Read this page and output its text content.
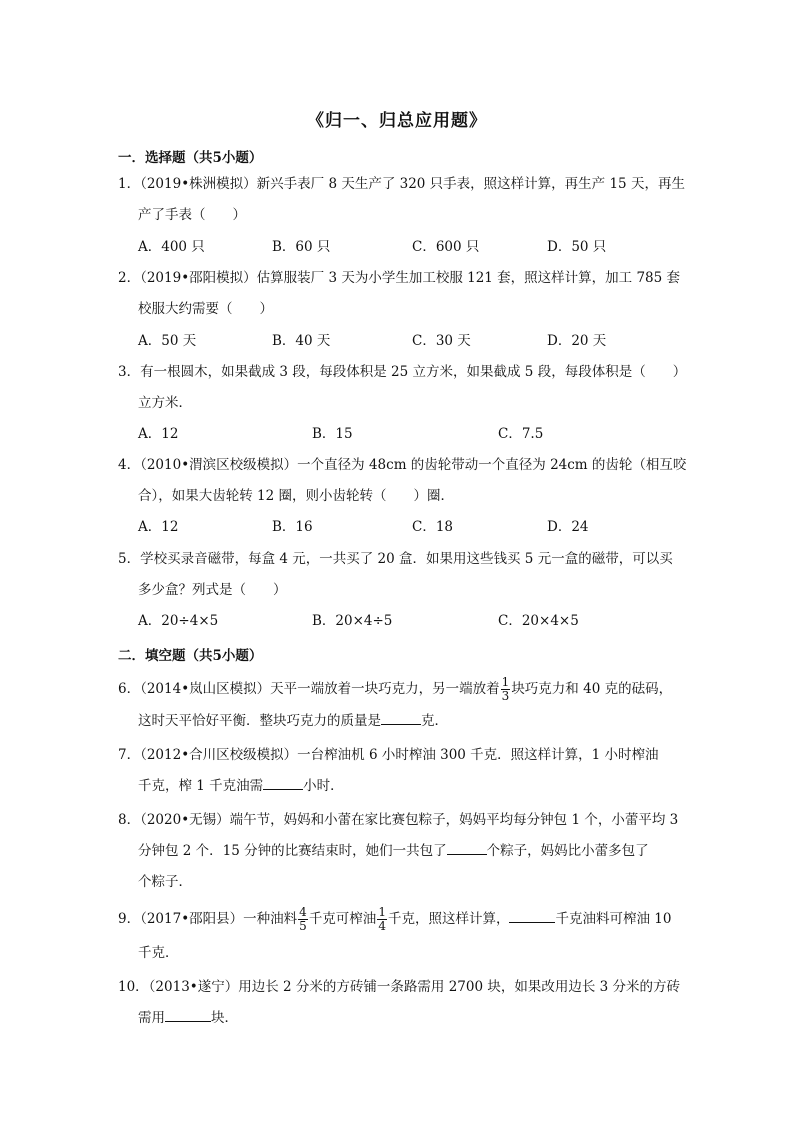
《归一、归总应用题》
一．选择题（共5小题）
1．（2019•株洲模拟）新兴手表厂 8 天生产了 320 只手表，照这样计算，再生产 15 天，再生
产了手表（　　）
A．400 只	B．60 只	C．600 只	D．50 只
2．（2019•邵阳模拟）估算服装厂 3 天为小学生加工校服 121 套，照这样计算，加工 785 套
校服大约需要（　　）
A．50 天	B．40 天	C．30 天	D．20 天
3．有一根圆木，如果截成 3 段，每段体积是 25 立方米，如果截成 5 段，每段体积是（　　）
立方米．
A．12	B．15	C．7.5
4．（2010•渭滨区校级模拟）一个直径为 48cm 的齿轮带动一个直径为 24cm 的齿轮（相互咬
合），如果大齿轮转 12 圈，则小齿轮转（　　）圈．
A．12	B．16	C．18	D．24
5．学校买录音磁带，每盒 4 元，一共买了 20 盒．如果用这些钱买 5 元一盒的磁带，可以买
多少盒？列式是（　　）
A．20÷4×5	B．20×4÷5	C．20×4×5
二．填空题（共5小题）
6．（2014•岚山区模拟）天平一端放着一块巧克力，另一端放着 $\frac{1}{3}$ 块巧克力和 40 克的砝码，
这时天平恰好平衡．整块巧克力的质量是	克．
7．（2012•合川区校级模拟）一台榨油机 6 小时榨油 300 千克．照这样计算，1 小时榨油
千克，榨 1 千克油需	小时．
8．（2020•无锡）端午节，妈妈和小蕾在家比赛包粽子，妈妈平均每分钟包 1 个，小蕾平均 3
分钟包 2 个．15 分钟的比赛结束时，她们一共包了	个粽子，妈妈比小蕾多包了
个粽子．
9．（2017•邵阳县）一种油料 $\frac{4}{5}$ 千克可榨油 $\frac{1}{4}$ 千克，照这样计算，	千克油料可榨油 10
千克．
10．（2013•遂宁）用边长 2 分米的方砖铺一条路需用 2700 块，如果改用边长 3 分米的方砖
需用	块．
